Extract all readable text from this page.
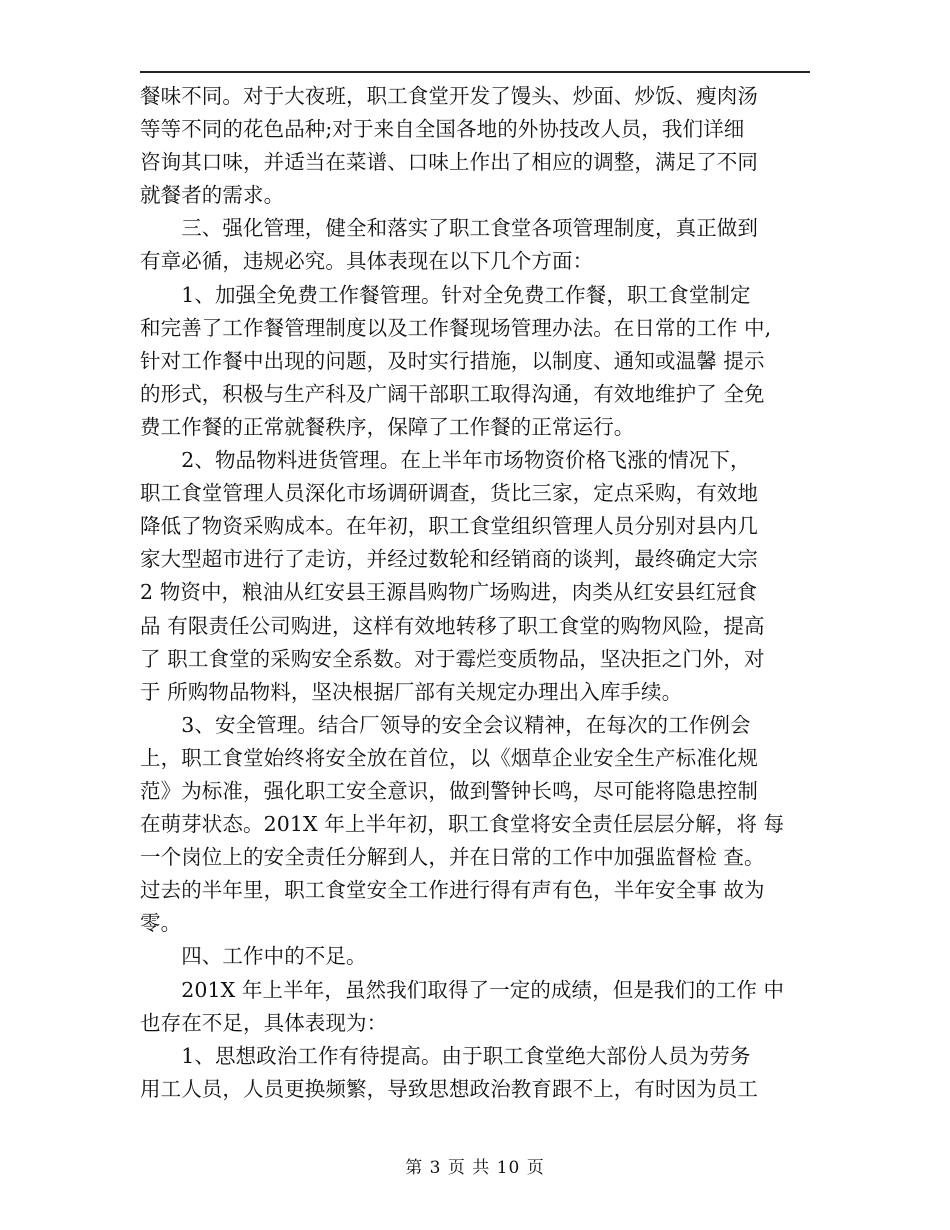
餐味不同。对于大夜班，职工食堂开发了馒头、炒面、炒饭、瘦肉汤
等等不同的花色品种;对于来自全国各地的外协技改人员，我们详细
咨询其口味，并适当在菜谱、口味上作出了相应的调整，满足了不同
就餐者的需求。
　　三、强化管理，健全和落实了职工食堂各项管理制度，真正做到
有章必循，违规必究。具体表现在以下几个方面：
　　1、加强全免费工作餐管理。针对全免费工作餐，职工食堂制定
和完善了工作餐管理制度以及工作餐现场管理办法。在日常的工作 中,
针对工作餐中出现的问题，及时实行措施，以制度、通知或温馨 提示
的形式，积极与生产科及广阔干部职工取得沟通，有效地维护了 全免
费工作餐的正常就餐秩序，保障了工作餐的正常运行。
　　2、物品物料进货管理。在上半年市场物资价格飞涨的情况下，
职工食堂管理人员深化市场调研调查，货比三家，定点采购，有效地
降低了物资采购成本。在年初，职工食堂组织管理人员分别对县内几
家大型超市进行了走访，并经过数轮和经销商的谈判，最终确定大宗
2 物资中，粮油从红安县王源昌购物广场购进，肉类从红安县红冠食
品 有限责任公司购进，这样有效地转移了职工食堂的购物风险，提高
了 职工食堂的采购安全系数。对于霉烂变质物品，坚决拒之门外，对
于 所购物品物料，坚决根据厂部有关规定办理出入库手续。
　　3、安全管理。结合厂领导的安全会议精神，在每次的工作例会
上，职工食堂始终将安全放在首位，以《烟草企业安全生产标准化规
范》为标准，强化职工安全意识，做到警钟长鸣，尽可能将隐患控制
在萌芽状态。201X 年上半年初，职工食堂将安全责任层层分解，将 每
一个岗位上的安全责任分解到人，并在日常的工作中加强监督检 查。
过去的半年里，职工食堂安全工作进行得有声有色，半年安全事 故为
零。
　　四、工作中的不足。
　　201X 年上半年，虽然我们取得了一定的成绩，但是我们的工作 中
也存在不足，具体表现为：
　　1、思想政治工作有待提高。由于职工食堂绝大部份人员为劳务
用工人员，人员更换频繁，导致思想政治教育跟不上，有时因为员工
第 3 页 共 10 页
